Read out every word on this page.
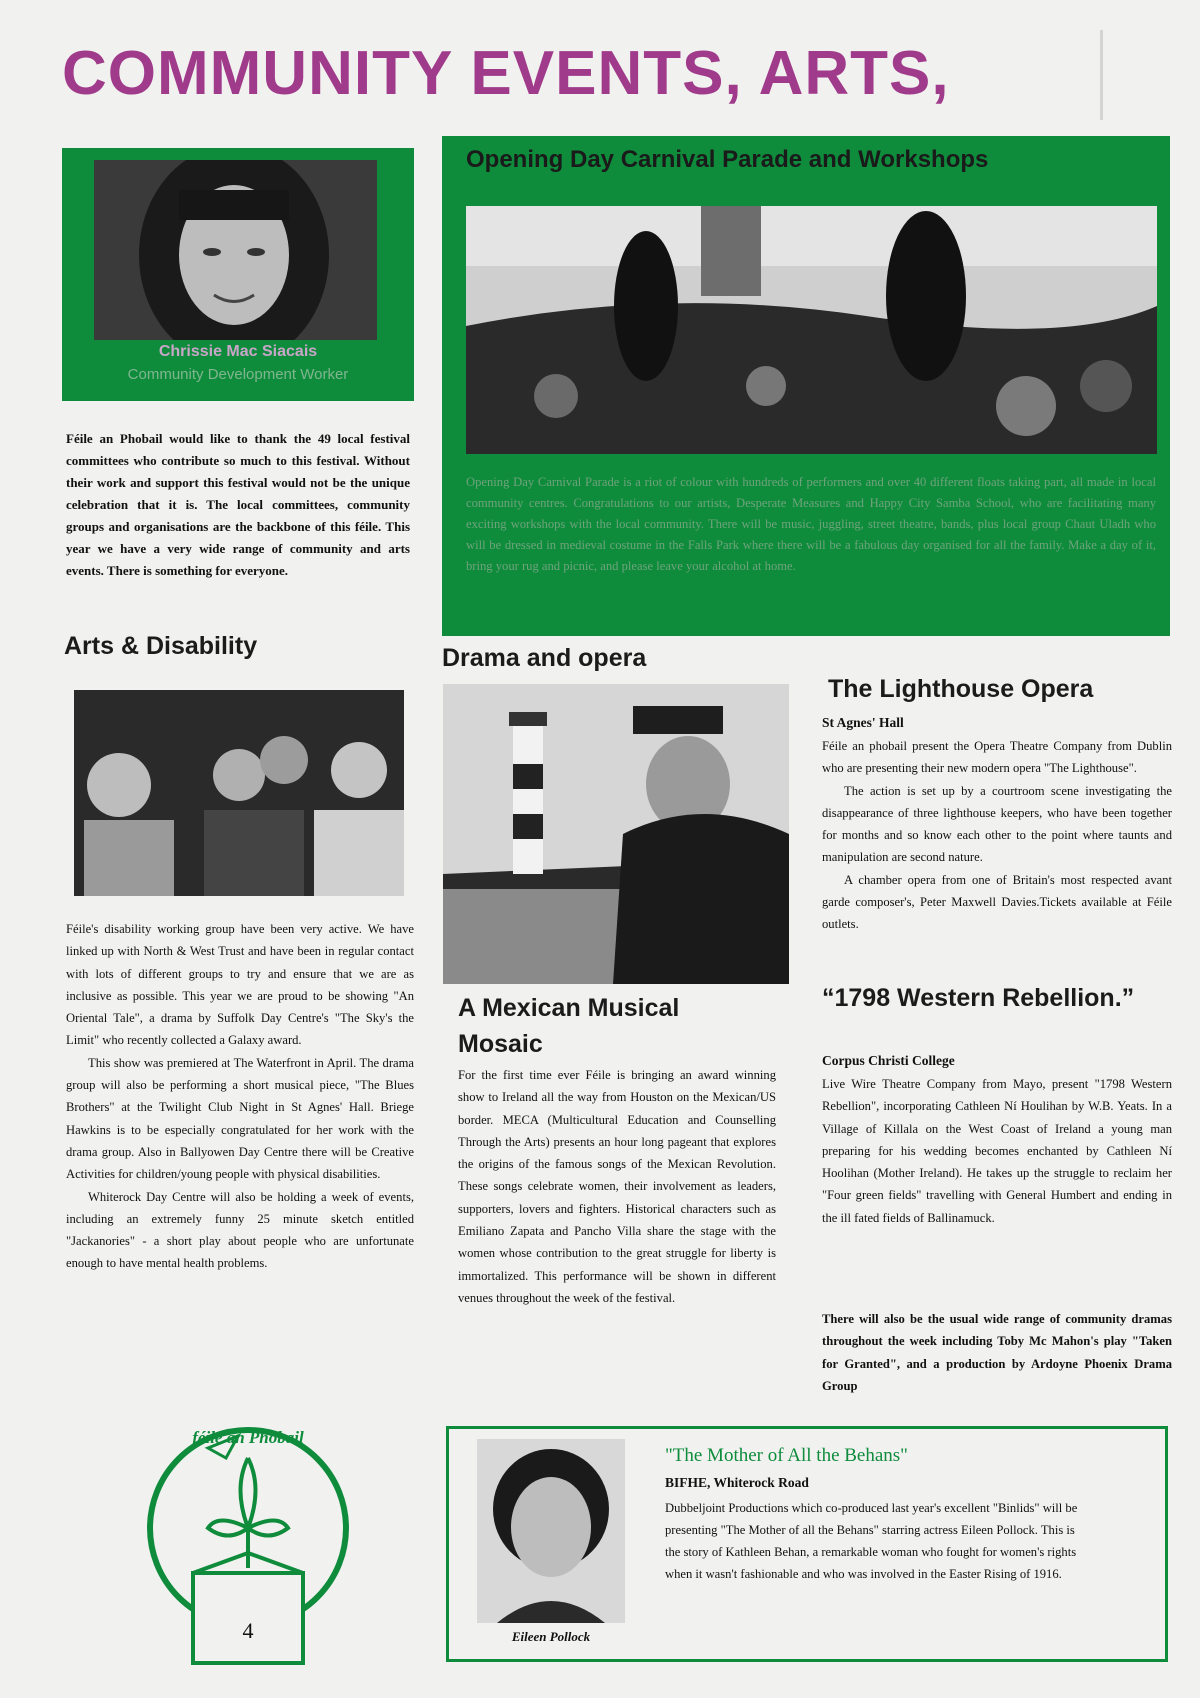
COMMUNITY EVENTS, ARTS,
Chrissie Mac Siacais
Community Development Worker
Féile an Phobail would like to thank the 49 local festival committees who contribute so much to this festival. Without their work and support this festival would not be the unique celebration that it is. The local committees, community groups and organisations are the backbone of this féile. This year we have a very wide range of community and arts events. There is something for everyone.
Opening Day Carnival Parade and Workshops
Opening Day Carnival Parade is a riot of colour with hundreds of performers and over 40 different floats taking part, all made in local community centres. Congratulations to our artists, Desperate Measures and Happy City Samba School, who are facilitating many exciting workshops with the local community. There will be music, juggling, street theatre, bands, plus local group Chaut Uladh who will be dressed in medieval costume in the Falls Park where there will be a fabulous day organised for all the family. Make a day of it, bring your rug and picnic, and please leave your alcohol at home.
Arts & Disability

Féile's disability working group have been very active. We have linked up with North & West Trust and have been in regular contact with lots of different groups to try and ensure that we are as inclusive as possible. This year we are proud to be showing "An Oriental Tale", a drama by Suffolk Day Centre's "The Sky's the Limit" who recently collected a Galaxy award.

This show was premiered at The Waterfront in April. The drama group will also be performing a short musical piece, "The Blues Brothers" at the Twilight Club Night in St Agnes' Hall. Briege Hawkins is to be especially congratulated for her work with the drama group. Also in Ballyowen Day Centre there will be Creative Activities for children/young people with physical disabilities.

Whiterock Day Centre will also be holding a week of events, including an extremely funny 25 minute sketch entitled "Jackanories" - a short play about people who are unfortunate enough to have mental health problems.

Drama and opera
A Mexican Musical Mosaic
For the first time ever Féile is bringing an award winning show to Ireland all the way from Houston on the Mexican/US border. MECA (Multicultural Education and Counselling Through the Arts) presents an hour long pageant that explores the origins of the famous songs of the Mexican Revolution. These songs celebrate women, their involvement as leaders, supporters, lovers and fighters. Historical characters such as Emiliano Zapata and Pancho Villa share the stage with the women whose contribution to the great struggle for liberty is immortalized. This performance will be shown in different venues throughout the week of the festival.
The Lighthouse Opera
St Agnes' Hall

Féile an phobail present the Opera Theatre Company from Dublin who are presenting their new modern opera "The Lighthouse".

The action is set up by a courtroom scene investigating the disappearance of three lighthouse keepers, who have been together for months and so know each other to the point where taunts and manipulation are second nature.

A chamber opera from one of Britain's most respected avant garde composer's, Peter Maxwell Davies.Tickets available at Féile outlets.

“1798 Western Rebellion.”
Corpus Christi College
Live Wire Theatre Company from Mayo, present "1798 Western Rebellion", incorporating Cathleen Ní Houlihan by W.B. Yeats. In a Village of Killala on the West Coast of Ireland a young man preparing for his wedding becomes enchanted by Cathleen Ní Hoolihan (Mother Ireland). He takes up the struggle to reclaim her "Four green fields" travelling with General Humbert and ending in the ill fated fields of Ballinamuck.
There will also be the usual wide range of community dramas throughout the week including Toby Mc Mahon's play "Taken for Granted", and a production by Ardoyne Phoenix Drama Group
féile an Phobail
4	Eileen Pollock
"The Mother of All the Behans"
BIFHE, Whiterock Road
Dubbeljoint Productions which co-produced last year's excellent "Binlids" will be presenting "The Mother of all the Behans" starring actress Eileen Pollock. This is the story of Kathleen Behan, a remarkable woman who fought for women's rights when it wasn't fashionable and who was involved in the Easter Rising of 1916.
